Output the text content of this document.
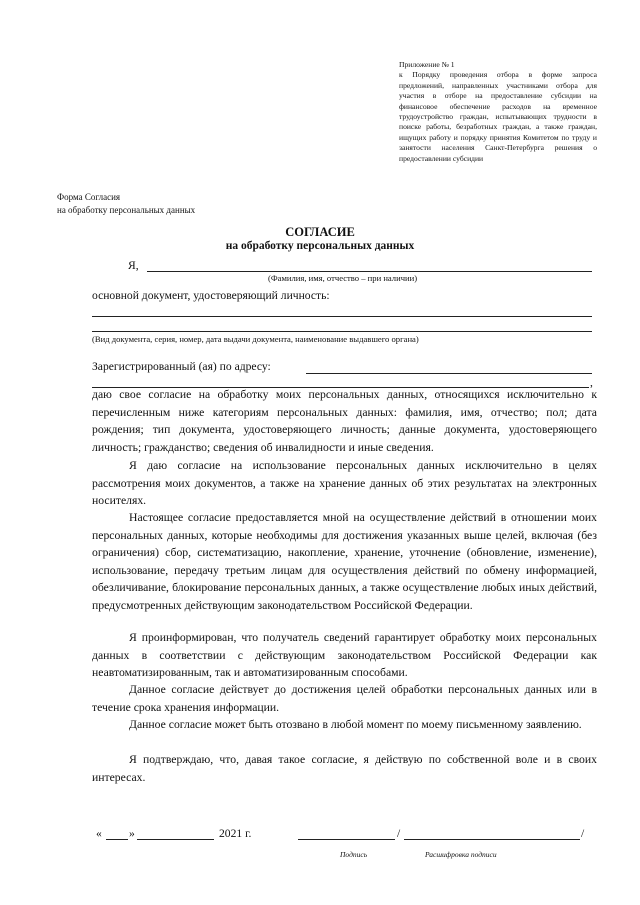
Приложение № 1
к Порядку проведения отбора в форме запроса предложений, направленных участниками отбора для участия в отборе на предоставление субсидии на финансовое обеспечение расходов на временное трудоустройство граждан, испытывающих трудности в поиске работы, безработных граждан, а также граждан, ищущих работу и порядку принятия Комитетом по труду и занятости населения Санкт-Петербурга решения о предоставлении субсидии
Форма Согласия
на обработку персональных данных
СОГЛАСИЕ
на обработку персональных данных
Я,
(Фамилия, имя, отчество – при наличии)
основной документ, удостоверяющий личность:
(Вид документа, серия, номер, дата выдачи документа, наименование выдавшего органа)
Зарегистрированный (ая) по адресу:
,
даю свое согласие на обработку моих персональных данных, относящихся исключительно к перечисленным ниже категориям персональных данных: фамилия, имя, отчество; пол; дата рождения; тип документа, удостоверяющего личность; данные документа, удостоверяющего личность; гражданство; сведения об инвалидности и иные сведения.
Я даю согласие на использование персональных данных исключительно в целях рассмотрения моих документов, а также на хранение данных об этих результатах на электронных носителях.
Настоящее согласие предоставляется мной на осуществление действий в отношении моих персональных данных, которые необходимы для достижения указанных выше целей, включая (без ограничения) сбор, систематизацию, накопление, хранение, уточнение (обновление, изменение), использование, передачу третьим лицам для осуществления действий по обмену информацией, обезличивание, блокирование персональных данных, а также осуществление любых иных действий, предусмотренных действующим законодательством Российской Федерации.
Я проинформирован, что получатель сведений гарантирует обработку моих персональных данных в соответствии с действующим законодательством Российской Федерации как неавтоматизированным, так и автоматизированным способами.
Данное согласие действует до достижения целей обработки персональных данных или в течение срока хранения информации.
Данное согласие может быть отозвано в любой момент по моему письменному заявлению.
Я подтверждаю, что, давая такое согласие, я действую по собственной воле и в своих интересах.
« »	2021 г.	/	/
Подпись	Расшифровка подписи
